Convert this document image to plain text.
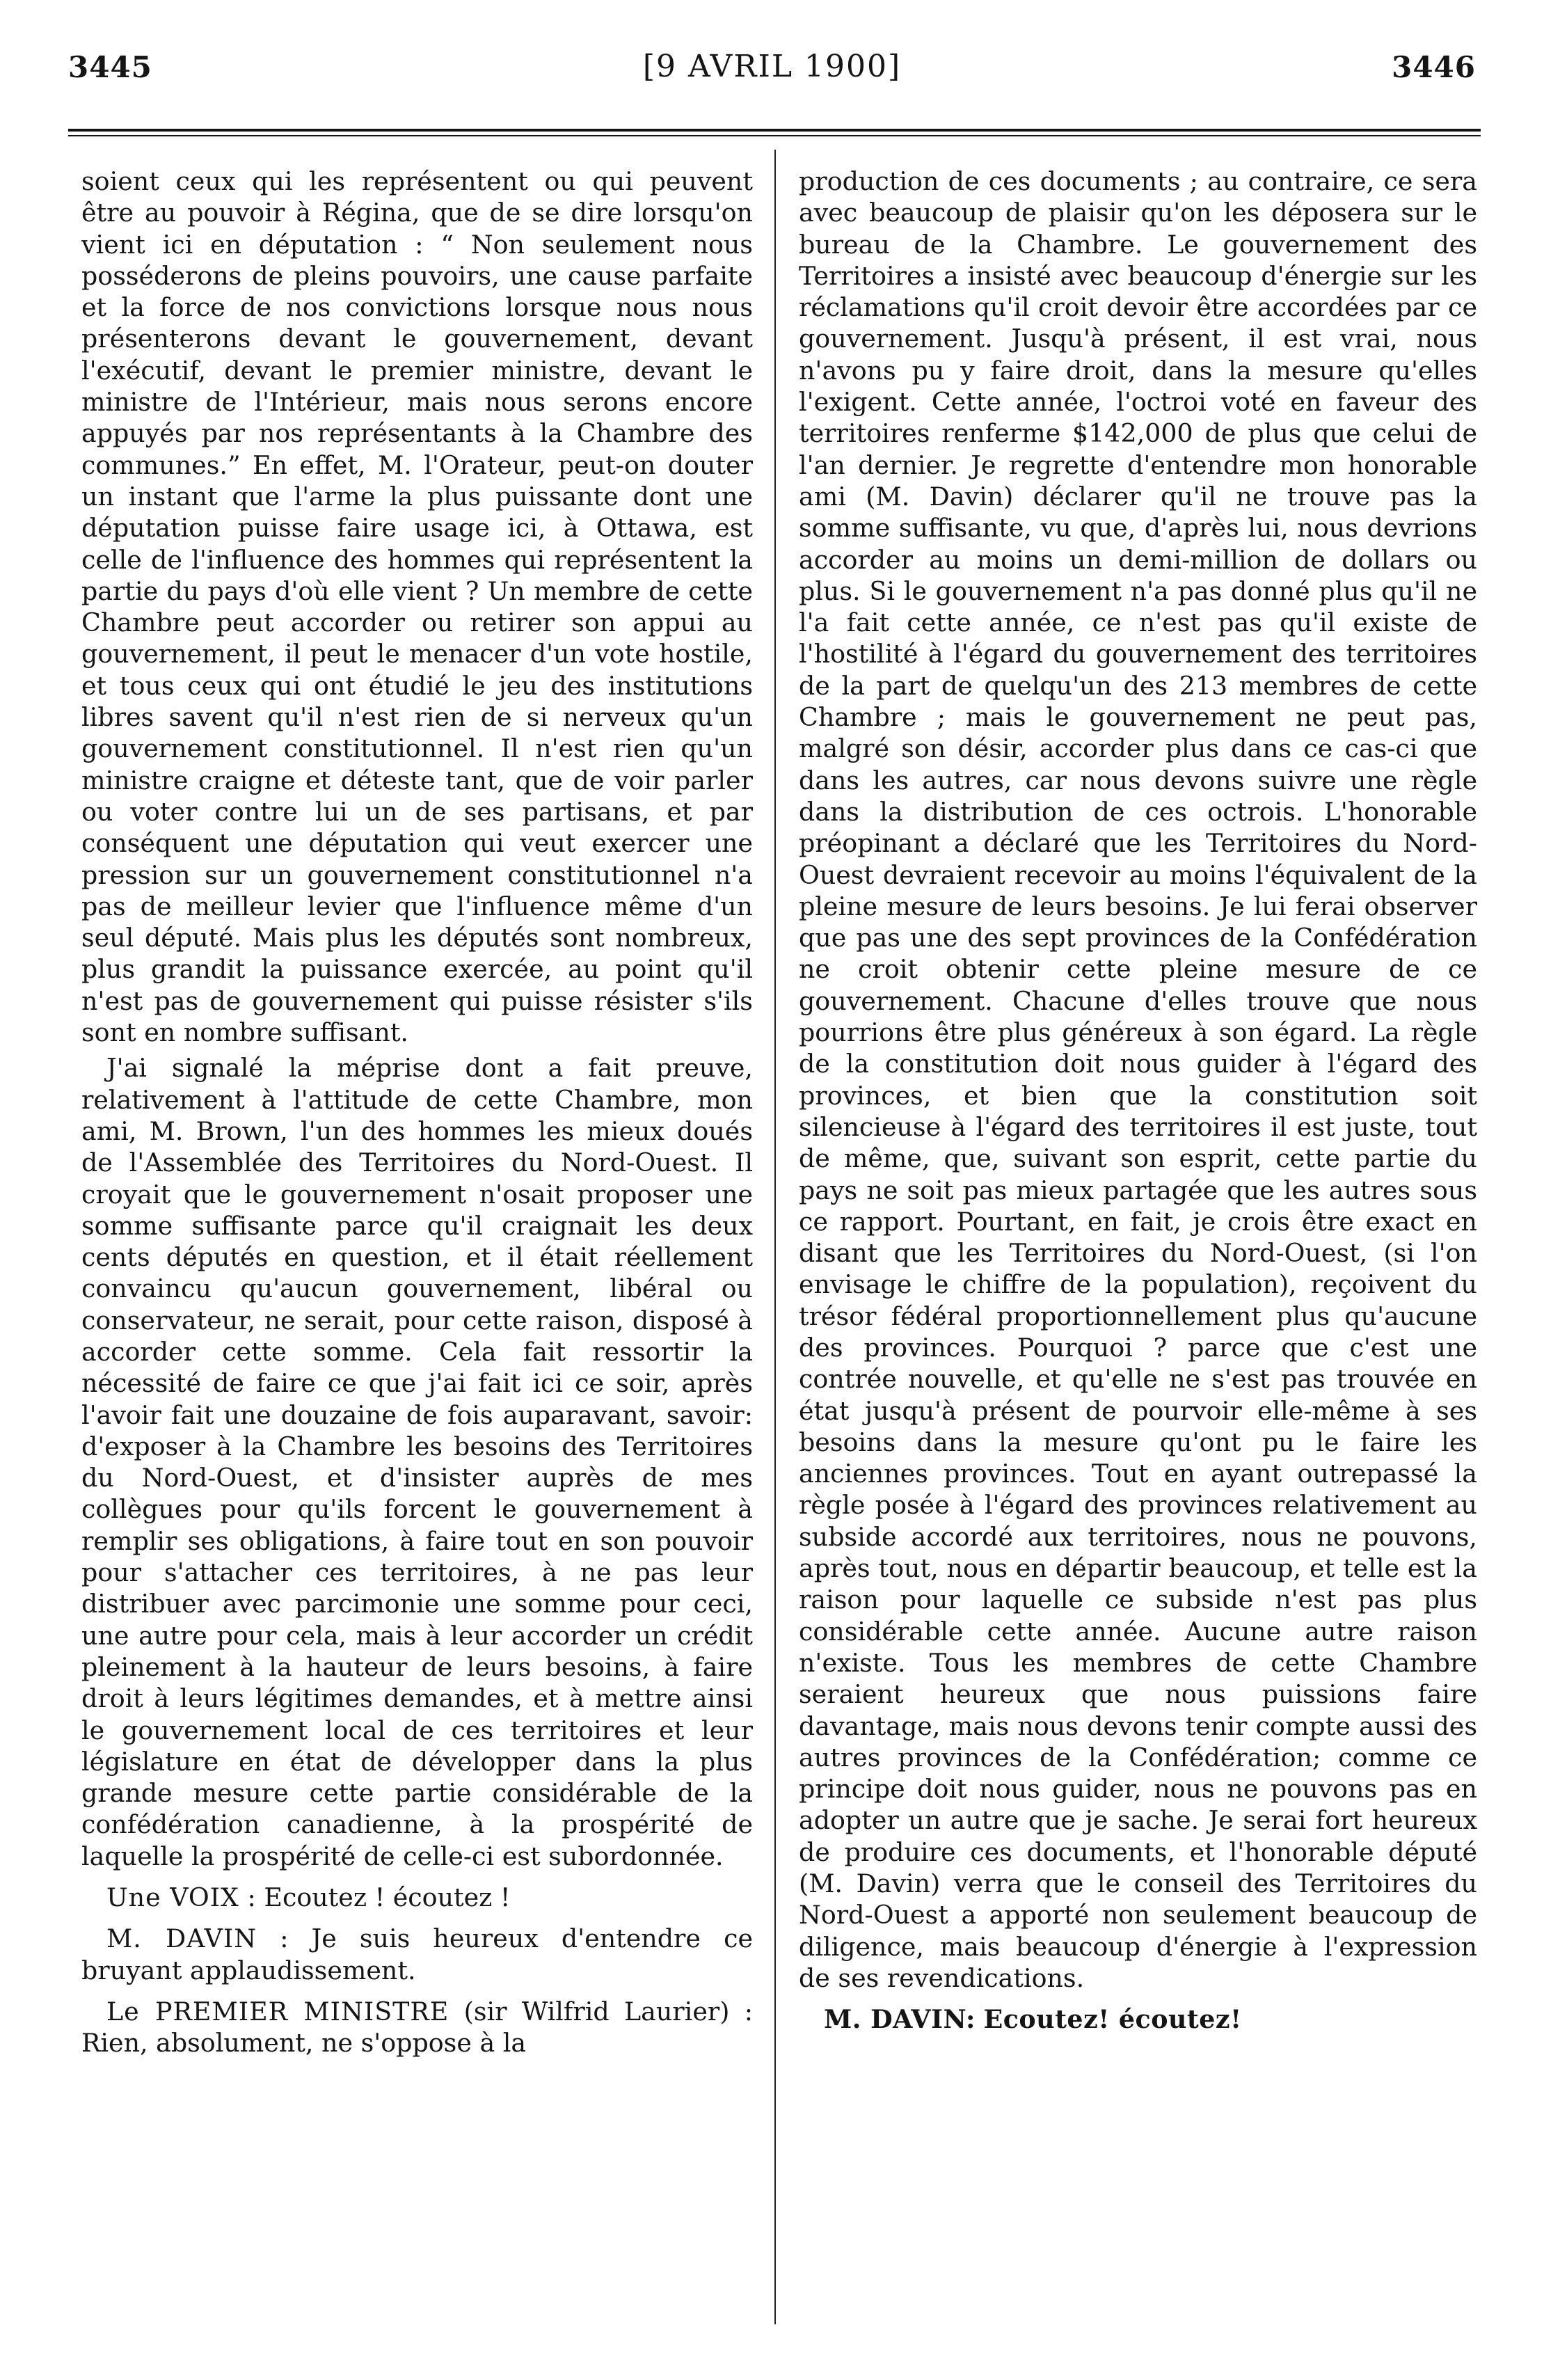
3445	[9 AVRIL 1900]	3446

soient ceux qui les représentent ou qui peuvent être au pouvoir à Régina, que de se dire lorsqu'on vient ici en députation : “ Non seulement nous posséderons de pleins pouvoirs, une cause parfaite et la force de nos convictions lorsque nous nous présenterons devant le gouvernement, devant l'exécutif, devant le premier ministre, devant le ministre de l'Intérieur, mais nous serons encore appuyés par nos représentants à la Chambre des communes.” En effet, M. l'Orateur, peut-on douter un instant que l'arme la plus puissante dont une députation puisse faire usage ici, à Ottawa, est celle de l'influence des hommes qui représentent la partie du pays d'où elle vient ? Un membre de cette Chambre peut accorder ou retirer son appui au gouvernement, il peut le menacer d'un vote hostile, et tous ceux qui ont étudié le jeu des institutions libres savent qu'il n'est rien de si nerveux qu'un gouvernement constitutionnel. Il n'est rien qu'un ministre craigne et déteste tant, que de voir parler ou voter contre lui un de ses partisans, et par conséquent une députation qui veut exercer une pression sur un gouvernement constitutionnel n'a pas de meilleur levier que l'influence même d'un seul député. Mais plus les députés sont nombreux, plus grandit la puissance exercée, au point qu'il n'est pas de gouvernement qui puisse résister s'ils sont en nombre suffisant.

J'ai signalé la méprise dont a fait preuve, relativement à l'attitude de cette Chambre, mon ami, M. Brown, l'un des hommes les mieux doués de l'Assemblée des Territoires du Nord-Ouest. Il croyait que le gouvernement n'osait proposer une somme suffisante parce qu'il craignait les deux cents députés en question, et il était réellement convaincu qu'aucun gouvernement, libéral ou conservateur, ne serait, pour cette raison, disposé à accorder cette somme. Cela fait ressortir la nécessité de faire ce que j'ai fait ici ce soir, après l'avoir fait une douzaine de fois auparavant, savoir: d'exposer à la Chambre les besoins des Territoires du Nord-Ouest, et d'insister auprès de mes collègues pour qu'ils forcent le gouvernement à remplir ses obligations, à faire tout en son pouvoir pour s'attacher ces territoires, à ne pas leur distribuer avec parcimonie une somme pour ceci, une autre pour cela, mais à leur accorder un crédit pleinement à la hauteur de leurs besoins, à faire droit à leurs légitimes demandes, et à mettre ainsi le gouvernement local de ces territoires et leur législature en état de développer dans la plus grande mesure cette partie considérable de la confédération canadienne, à la prospérité de laquelle la prospérité de celle-ci est subordonnée.

Une VOIX : Ecoutez ! écoutez !

M. DAVIN : Je suis heureux d'entendre ce bruyant applaudissement.

Le PREMIER MINISTRE (sir Wilfrid Laurier) : Rien, absolument, ne s'oppose à la

production de ces documents ; au contraire, ce sera avec beaucoup de plaisir qu'on les déposera sur le bureau de la Chambre. Le gouvernement des Territoires a insisté avec beaucoup d'énergie sur les réclamations qu'il croit devoir être accordées par ce gouvernement. Jusqu'à présent, il est vrai, nous n'avons pu y faire droit, dans la mesure qu'elles l'exigent. Cette année, l'octroi voté en faveur des territoires renferme $142,000 de plus que celui de l'an dernier. Je regrette d'entendre mon honorable ami (M. Davin) déclarer qu'il ne trouve pas la somme suffisante, vu que, d'après lui, nous devrions accorder au moins un demi-million de dollars ou plus. Si le gouvernement n'a pas donné plus qu'il ne l'a fait cette année, ce n'est pas qu'il existe de l'hostilité à l'égard du gouvernement des territoires de la part de quelqu'un des 213 membres de cette Chambre ; mais le gouvernement ne peut pas, malgré son désir, accorder plus dans ce cas-ci que dans les autres, car nous devons suivre une règle dans la distribution de ces octrois. L'honorable préopinant a déclaré que les Territoires du Nord-Ouest devraient recevoir au moins l'équivalent de la pleine mesure de leurs besoins. Je lui ferai observer que pas une des sept provinces de la Confédération ne croit obtenir cette pleine mesure de ce gouvernement. Chacune d'elles trouve que nous pourrions être plus généreux à son égard. La règle de la constitution doit nous guider à l'égard des provinces, et bien que la constitution soit silencieuse à l'égard des territoires il est juste, tout de même, que, suivant son esprit, cette partie du pays ne soit pas mieux partagée que les autres sous ce rapport. Pourtant, en fait, je crois être exact en disant que les Territoires du Nord-Ouest, (si l'on envisage le chiffre de la population), reçoivent du trésor fédéral proportionnellement plus qu'aucune des provinces. Pourquoi ? parce que c'est une contrée nouvelle, et qu'elle ne s'est pas trouvée en état jusqu'à présent de pourvoir elle-même à ses besoins dans la mesure qu'ont pu le faire les anciennes provinces. Tout en ayant outrepassé la règle posée à l'égard des provinces relativement au subside accordé aux territoires, nous ne pouvons, après tout, nous en départir beaucoup, et telle est la raison pour laquelle ce subside n'est pas plus considérable cette année. Aucune autre raison n'existe. Tous les membres de cette Chambre seraient heureux que nous puissions faire davantage, mais nous devons tenir compte aussi des autres provinces de la Confédération; comme ce principe doit nous guider, nous ne pouvons pas en adopter un autre que je sache. Je serai fort heureux de produire ces documents, et l'honorable député (M. Davin) verra que le conseil des Territoires du Nord-Ouest a apporté non seulement beaucoup de diligence, mais beaucoup d'énergie à l'expression de ses revendications.

M. DAVIN: Ecoutez! écoutez!
